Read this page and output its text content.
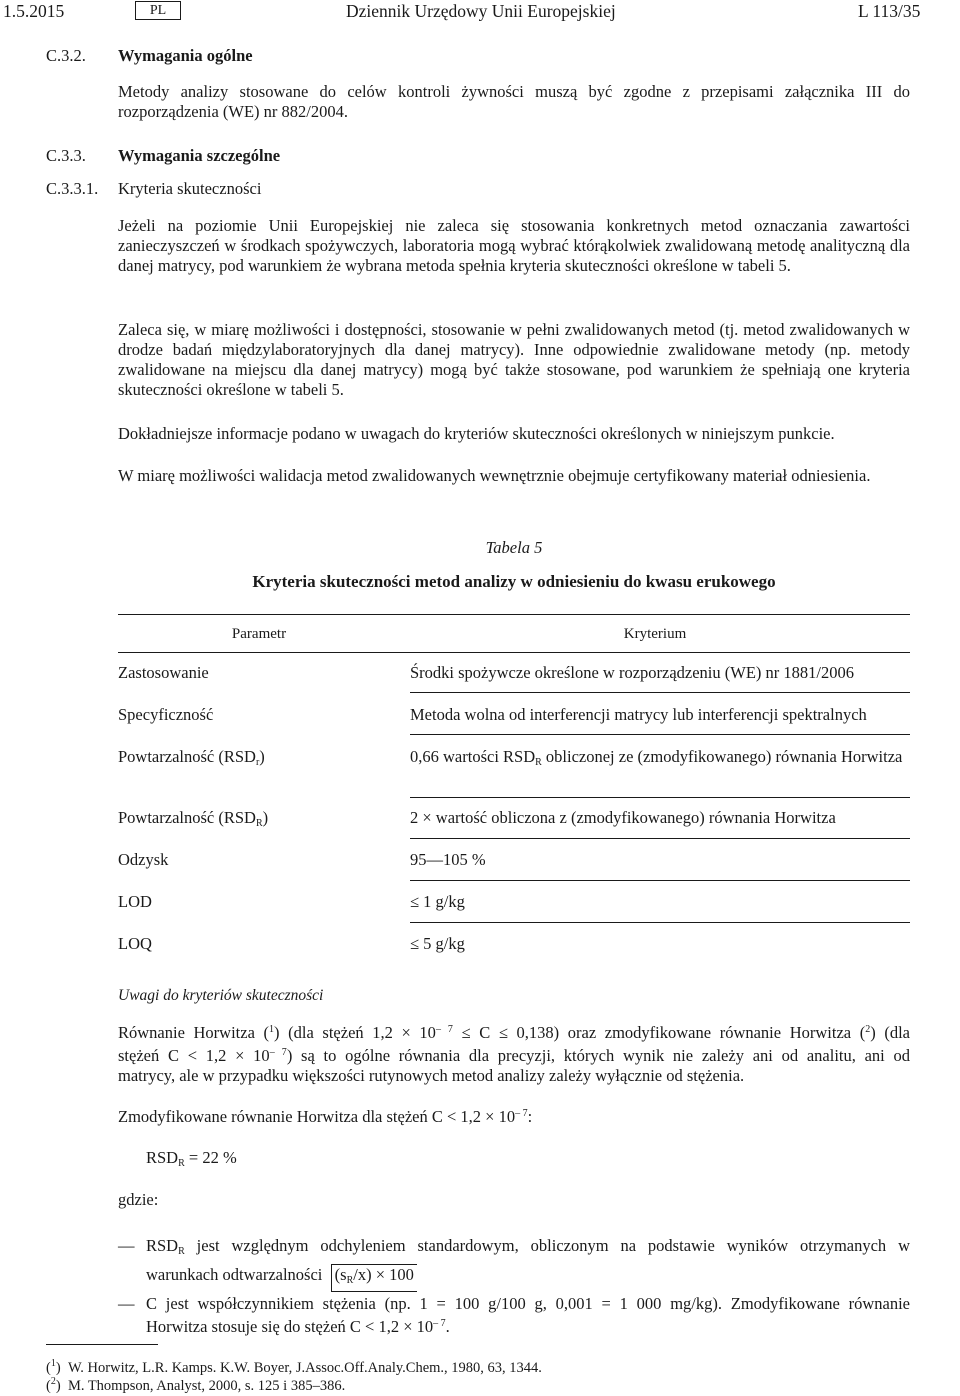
1.5.2015	PL	Dziennik Urzędowy Unii Europejskiej	L 113/35
C.3.2. Wymagania ogólne
Metody analizy stosowane do celów kontroli żywności muszą być zgodne z przepisami załącznika III do rozporządzenia (WE) nr 882/2004.
C.3.3. Wymagania szczególne
C.3.3.1. Kryteria skuteczności
Jeżeli na poziomie Unii Europejskiej nie zaleca się stosowania konkretnych metod oznaczania zawartości zanieczyszczeń w środkach spożywczych, laboratoria mogą wybrać którąkolwiek zwalidowaną metodę analityczną dla danej matrycy, pod warunkiem że wybrana metoda spełnia kryteria skuteczności określone w tabeli 5.
Zaleca się, w miarę możliwości i dostępności, stosowanie w pełni zwalidowanych metod (tj. metod zwalidowanych w drodze badań międzylaboratoryjnych dla danej matrycy). Inne odpowiednie zwalidowane metody (np. metody zwalidowane na miejscu dla danej matrycy) mogą być także stosowane, pod warunkiem że spełniają one kryteria skuteczności określone w tabeli 5.
Dokładniejsze informacje podano w uwagach do kryteriów skuteczności określonych w niniejszym punkcie.
W miarę możliwości walidacja metod zwalidowanych wewnętrznie obejmuje certyfikowany materiał odniesienia.
Tabela 5
Kryteria skuteczności metod analizy w odniesieniu do kwasu erukowego
Parametr	Kryterium
Zastosowanie	Środki spożywcze określone w rozporządzeniu (WE) nr 1881/2006
Specyficzność	Metoda wolna od interferencji matrycy lub interferencji spektralnych
Powtarzalność $(RSD_r)$	0,66 wartości $RSD_R$ obliczonej ze (zmodyfikowanego) równania Horwitza
Powtarzalność $(RSD_R)$	2 × wartość obliczona z (zmodyfikowanego) równania Horwitza
Odzysk	95—105 %
LOD	≤ 1 g/kg
LOQ	≤ 5 g/kg
Uwagi do kryteriów skuteczności
Równanie Horwitza ($^1$) (dla stężeń $1,2 \times 10^{- 7} \le C \le 0,138$) oraz zmodyfikowane równanie Horwitza ($^2$) (dla
stężeń $C < 1,2 \times 10^{- 7}$) są to ogólne równania dla precyzji, których wynik nie zależy ani od analitu, ani od
matrycy, ale w przypadku większości rutynowych metod analizy zależy wyłącznie od stężenia.
Zmodyfikowane równanie Horwitza dla stężeń $C < 1,2 \times 10^{- 7}$:
$RSD_R = 22$ %
gdzie:
— $RSD_R$ jest względnym odchyleniem standardowym, obliczonym na podstawie wyników otrzymanych w
warunkach odtwarzalności $(s_R/\overline{x}) \times 100$
— C jest współczynnikiem stężenia (np. 1 = 100 g/100 g, 0,001 = 1 000 mg/kg). Zmodyfikowane równanie
Horwitza stosuje się do stężeń $C < 1,2 \times 10^{- 7}$.
($^1$)  W. Horwitz, L.R. Kamps. K.W. Boyer, J.Assoc.Off.Analy.Chem., 1980, 63, 1344.
($^2$)  M. Thompson, Analyst, 2000, s. 125 i 385–386.
